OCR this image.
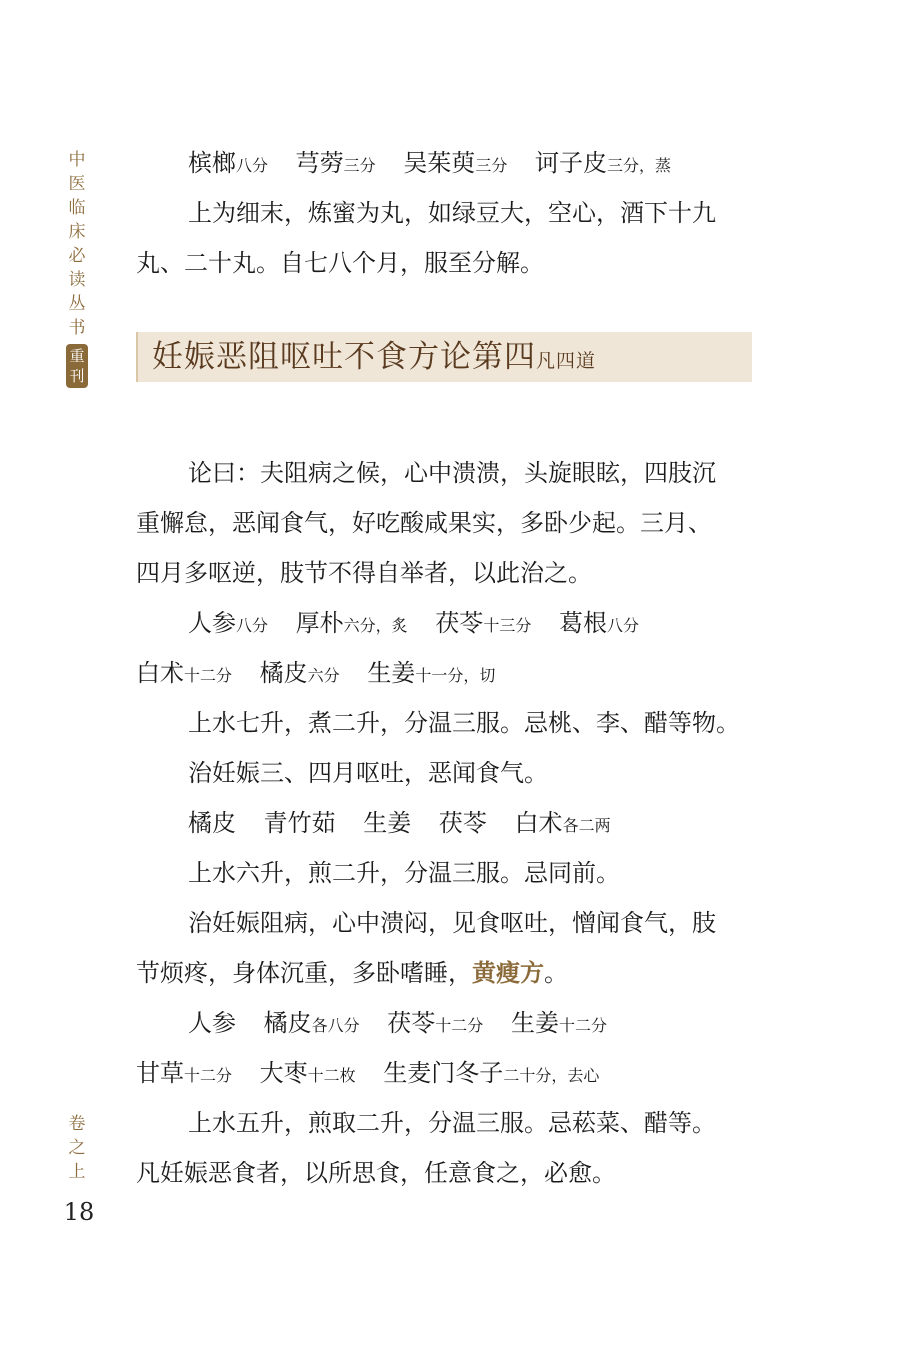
中
医
临
床
必
读
丛
书
重刊
卷
之
上
18
槟榔八分 芎䓖三分 吴茱萸三分 诃子皮三分，蒸
上为细末，炼蜜为丸，如绿豆大，空心，酒下十九
丸、二十丸。自七八个月，服至分解。
妊娠恶阻呕吐不食方论第四凡四道
论曰：夫阻病之候，心中溃溃，头旋眼眩，四肢沉
重懈怠，恶闻食气，好吃酸咸果实，多卧少起。三月、
四月多呕逆，肢节不得自举者，以此治之。
人参八分 厚朴六分，炙 茯苓十三分 葛根八分
白术十二分 橘皮六分 生姜十一分，切
上水七升，煮二升，分温三服。忌桃、李、醋等物。
治妊娠三、四月呕吐，恶闻食气。
橘皮 青竹茹 生姜 茯苓 白术各二两
上水六升，煎二升，分温三服。忌同前。
治妊娠阻病，心中溃闷，见食呕吐，憎闻食气，肢
节烦疼，身体沉重，多卧嗜睡，黄瘦方。
人参 橘皮各八分 茯苓十二分 生姜十二分
甘草十二分 大枣十二枚 生麦门冬子二十分，去心
上水五升，煎取二升，分温三服。忌菘菜、醋等。
凡妊娠恶食者，以所思食，任意食之，必愈。
